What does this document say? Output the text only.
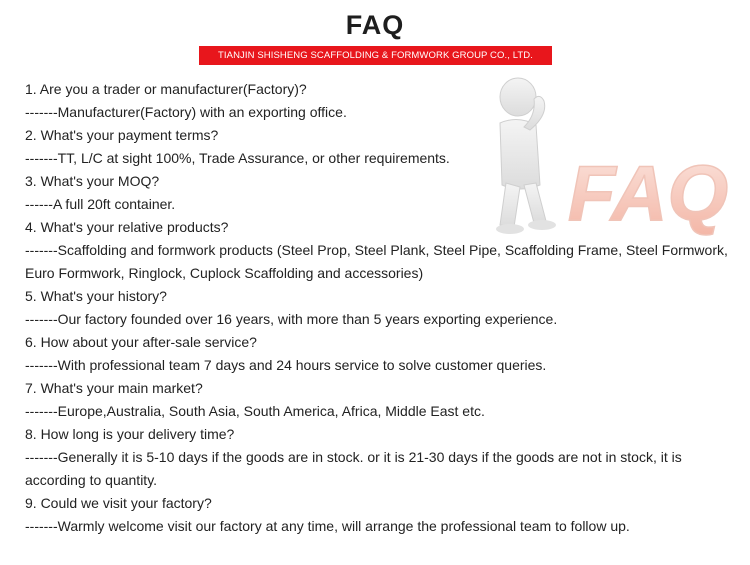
FAQ
TIANJIN SHISHENG SCAFFOLDING & FORMWORK GROUP CO., LTD.
FAQ
1. Are you a trader or manufacturer(Factory)?
-------Manufacturer(Factory) with an exporting office.
2. What's your payment terms?
-------TT, L/C at sight 100%, Trade Assurance, or other requirements.
3. What's your MOQ?
------A full 20ft container.
4. What's your relative products?
-------Scaffolding and formwork products (Steel Prop, Steel Plank, Steel Pipe, Scaffolding Frame, Steel Formwork, Euro Formwork, Ringlock, Cuplock Scaffolding and accessories)
5. What's your history?
-------Our factory founded over 16 years, with more than 5 years exporting experience.
6. How about your after-sale service?
-------With professional team 7 days and 24 hours service to solve customer queries.
7. What's your main market?
-------Europe,Australia, South Asia, South America, Africa, Middle East etc.
8. How long is your delivery time?
-------Generally it is 5-10 days if the goods are in stock. or it is 21-30 days if the goods are not in stock, it is according to quantity.
9. Could we visit your factory?
-------Warmly welcome visit our factory at any time, will arrange the professional team to follow up.
